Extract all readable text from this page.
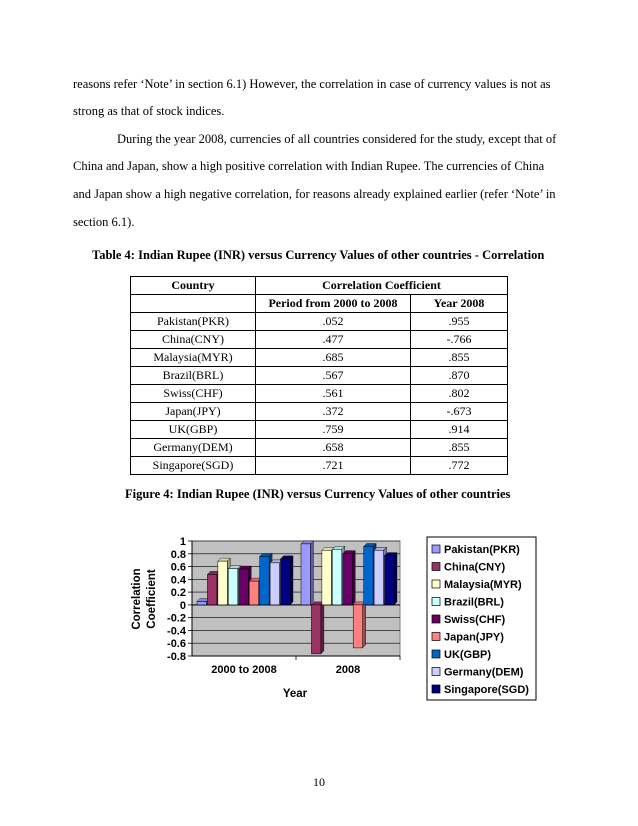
reasons refer ‘Note’ in section 6.1) However, the correlation in case of currency values is not as
strong as that of stock indices.
During the year 2008, currencies of all countries considered for the study, except that of
China and Japan, show a high positive correlation with Indian Rupee. The currencies of China
and Japan show a high negative correlation, for reasons already explained earlier (refer ‘Note’ in
section 6.1).
Table 4: Indian Rupee (INR) versus Currency Values of other countries - Correlation
Country	Correlation Coefficient	
	Period from 2000 to 2008	Year 2008
Pakistan(PKR)	.052	.955
China(CNY)	.477	-.766
Malaysia(MYR)	.685	.855
Brazil(BRL)	.567	.870
Swiss(CHF)	.561	.802
Japan(JPY)	.372	-.673
UK(GBP)	.759	.914
Germany(DEM)	.658	.855
Singapore(SGD)	.721	.772
Figure 4: Indian Rupee (INR) versus Currency Values of other countries
1
0.8
0.6
0.4
0.2
0
-0.2
-0.4
-0.6
-0.8
2000 to 2008	2008
Year
Correlation Coefficient
Pakistan(PKR)
China(CNY)
Malaysia(MYR)
Brazil(BRL)
Swiss(CHF)
Japan(JPY)
UK(GBP)
Germany(DEM)
Singapore(SGD)
10
